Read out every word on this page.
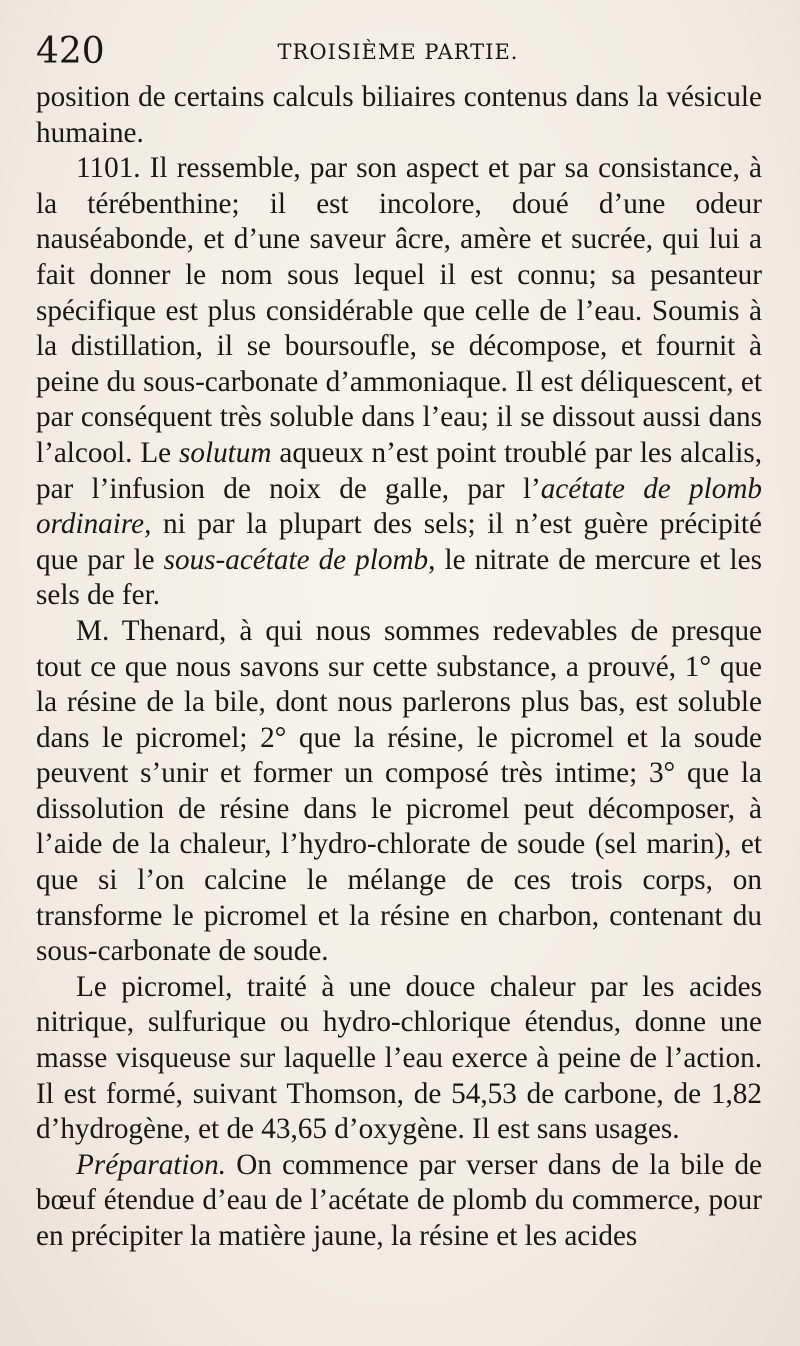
420	TROISIÈME PARTIE.

position de certains calculs biliaires contenus dans la vésicule humaine.

1101. Il ressemble, par son aspect et par sa consistance, à la térébenthine; il est incolore, doué d’une odeur nauséabonde, et d’une saveur âcre, amère et sucrée, qui lui a fait donner le nom sous lequel il est connu; sa pesanteur spécifique est plus considérable que celle de l’eau. Soumis à la distillation, il se boursoufle, se décompose, et fournit à peine du sous-carbonate d’ammoniaque. Il est déliquescent, et par conséquent très soluble dans l’eau; il se dissout aussi dans l’alcool. Le solutum aqueux n’est point troublé par les alcalis, par l’infusion de noix de galle, par l’acétate de plomb ordinaire, ni par la plupart des sels; il n’est guère précipité que par le sous-acétate de plomb, le nitrate de mercure et les sels de fer.

M. Thenard, à qui nous sommes redevables de presque tout ce que nous savons sur cette substance, a prouvé, 1° que la résine de la bile, dont nous parlerons plus bas, est soluble dans le picromel; 2° que la résine, le picromel et la soude peuvent s’unir et former un composé très intime; 3° que la dissolution de résine dans le picromel peut décomposer, à l’aide de la chaleur, l’hydro-chlorate de soude (sel marin), et que si l’on calcine le mélange de ces trois corps, on transforme le picromel et la résine en charbon, contenant du sous-carbonate de soude.

Le picromel, traité à une douce chaleur par les acides nitrique, sulfurique ou hydro-chlorique étendus, donne une masse visqueuse sur laquelle l’eau exerce à peine de l’action. Il est formé, suivant Thomson, de 54,53 de carbone, de 1,82 d’hydrogène, et de 43,65 d’oxygène. Il est sans usages.

Préparation. On commence par verser dans de la bile de bœuf étendue d’eau de l’acétate de plomb du commerce, pour en précipiter la matière jaune, la résine et les acides
